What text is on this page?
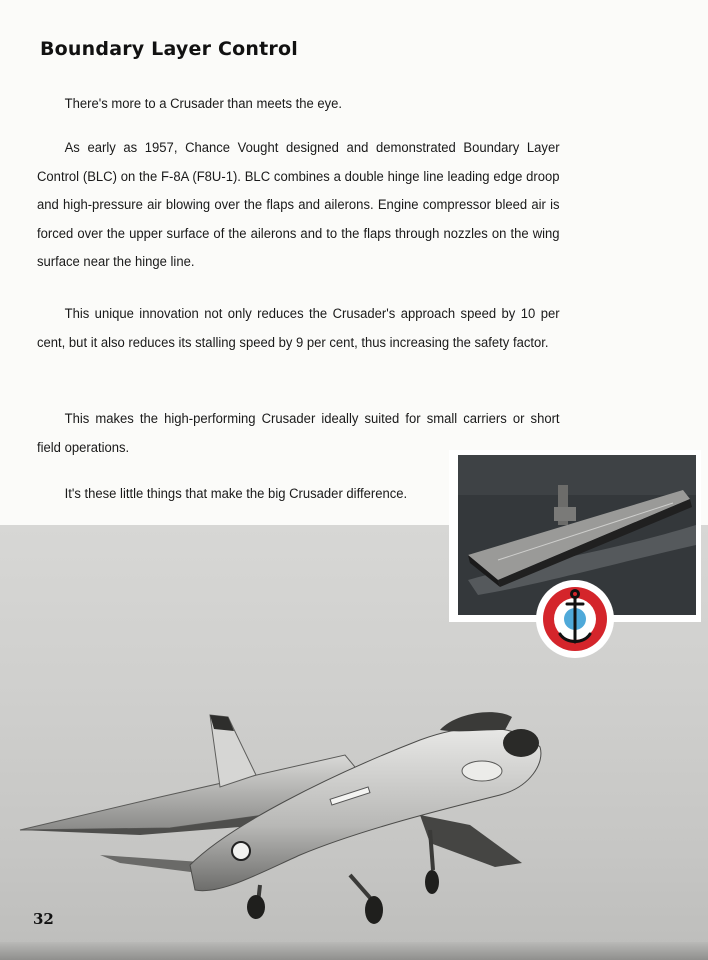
Boundary Layer Control

There's more to a Crusader than meets the eye.

As early as 1957, Chance Vought designed and demonstrated Boundary Layer Control (BLC) on the F-8A (F8U-1). BLC combines a double hinge line leading edge droop and high-pressure air blowing over the flaps and ailerons. Engine compressor bleed air is forced over the upper surface of the ailerons and to the flaps through nozzles on the wing surface near the hinge line.

This unique innovation not only reduces the Crusader's approach speed by 10 per cent, but it also reduces its stalling speed by 9 per cent, thus increasing the safety factor.

This makes the high-performing Crusader ideally suited for small carriers or short field operations.

It's these little things that make the big Crusader difference.

32
